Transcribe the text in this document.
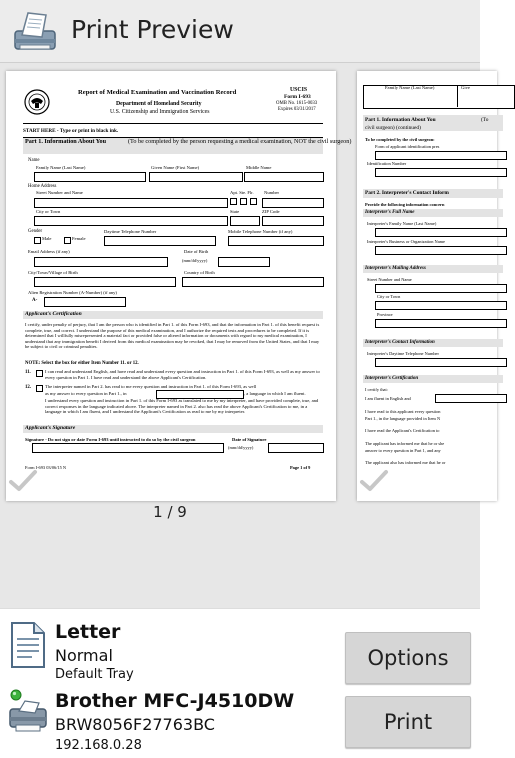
Print Preview
Report of Medical Examination and Vaccination Record
Department of Homeland Security
U.S. Citizenship and Immigration Services
USCIS
Form I-693
OMB No. 1615-0033
Expires 03/31/2017
START HERE - Type or print in black ink.
Part 1. Information About You	(To be completed by the person requesting a medical examination, NOT the civil surgeon)
Name
Family Name (Last Name)	Given Name (First Name)	Middle Name
Home Address
Street Number and Name	Apt. Ste. Flr. Number
City or Town	State	ZIP Code
Gender
Male	Female
Daytime Telephone Number	Mobile Telephone Number (if any)
Email Address (if any)	Date of Birth
(mm/dd/yyyy)
City/Town/Village of Birth	Country of Birth
Alien Registration Number (A-Number) (if any)
A-
Applicant's Certification
I certify, under penalty of perjury, that I am the person who is identified in Part 1. of this Form I-693, and that the information in Part 1. of this benefit request is complete, true, and correct. I understand the purpose of this medical examination, and I authorize the required tests and procedures to be completed. If it is determined that I willfully misrepresented a material fact or provided false or altered information or documents with regard to my medical examination, I understand that any immigration benefit I derived from this medical examination may be revoked, that I may be removed from the United States, and that I may be subject to civil or criminal penalties.
NOTE: Select the box for either Item Number 11. or 12.
11.	I can read and understand English, and have read and understand every question and instruction in Part 1. of this Form I-693, as well as my answer to every question in Part 1. I have read and understand the above Applicant's Certification.
12.	The interpreter named in Part 2. has read to me every question and instruction in Part 1. of this Form I-693, as well
as my answer to every question in Part 1., in	, a language in which I am fluent.
I understand every question and instruction in Part 1. of this Form I-693 as translated to me by my interpreter, and have provided complete, true, and correct responses in the language indicated above. The interpreter named in Part 2. also has read the above Applicant's Certification to me, in a language in which I am fluent, and I understand the Applicant's Certification as read to me by my interpreter.
Applicant's Signature
Signature - Do not sign or date Form I-693 until instructed to do so by the civil surgeon	Date of Signature
(mm/dd/yyyy)
Form I-693 03/06/15 N	Page 1 of 9
Family Name (Last Name)	Give
Part 1. Information About You	(To
civil surgeon) (continued)
To be completed by the civil surgeon:
Form of applicant identification pres
Identification Number
Part 2. Interpreter's Contact Inform
Provide the following information concern
Interpreter's Full Name
Interpreter's Family Name (Last Name)
Interpreter's Business or Organization Name
Interpreter's Mailing Address
Street Number and Name
City or Town
Province
Interpreter's Contact Information
Interpreter's Daytime Telephone Number
Interpreter's Certification
I certify that:
I am fluent in English and
I have read to this applicant every question
Part 1., in the language provided in Item N
I have read the Applicant's Certification to
The applicant has informed me that he or she
answer to every question in Part 1, and any
The applicant also has informed me that he or
1 / 9
Letter
Normal
Default Tray
Brother MFC-J4510DW
BRW8056F27763BC
192.168.0.28
Options
Print
